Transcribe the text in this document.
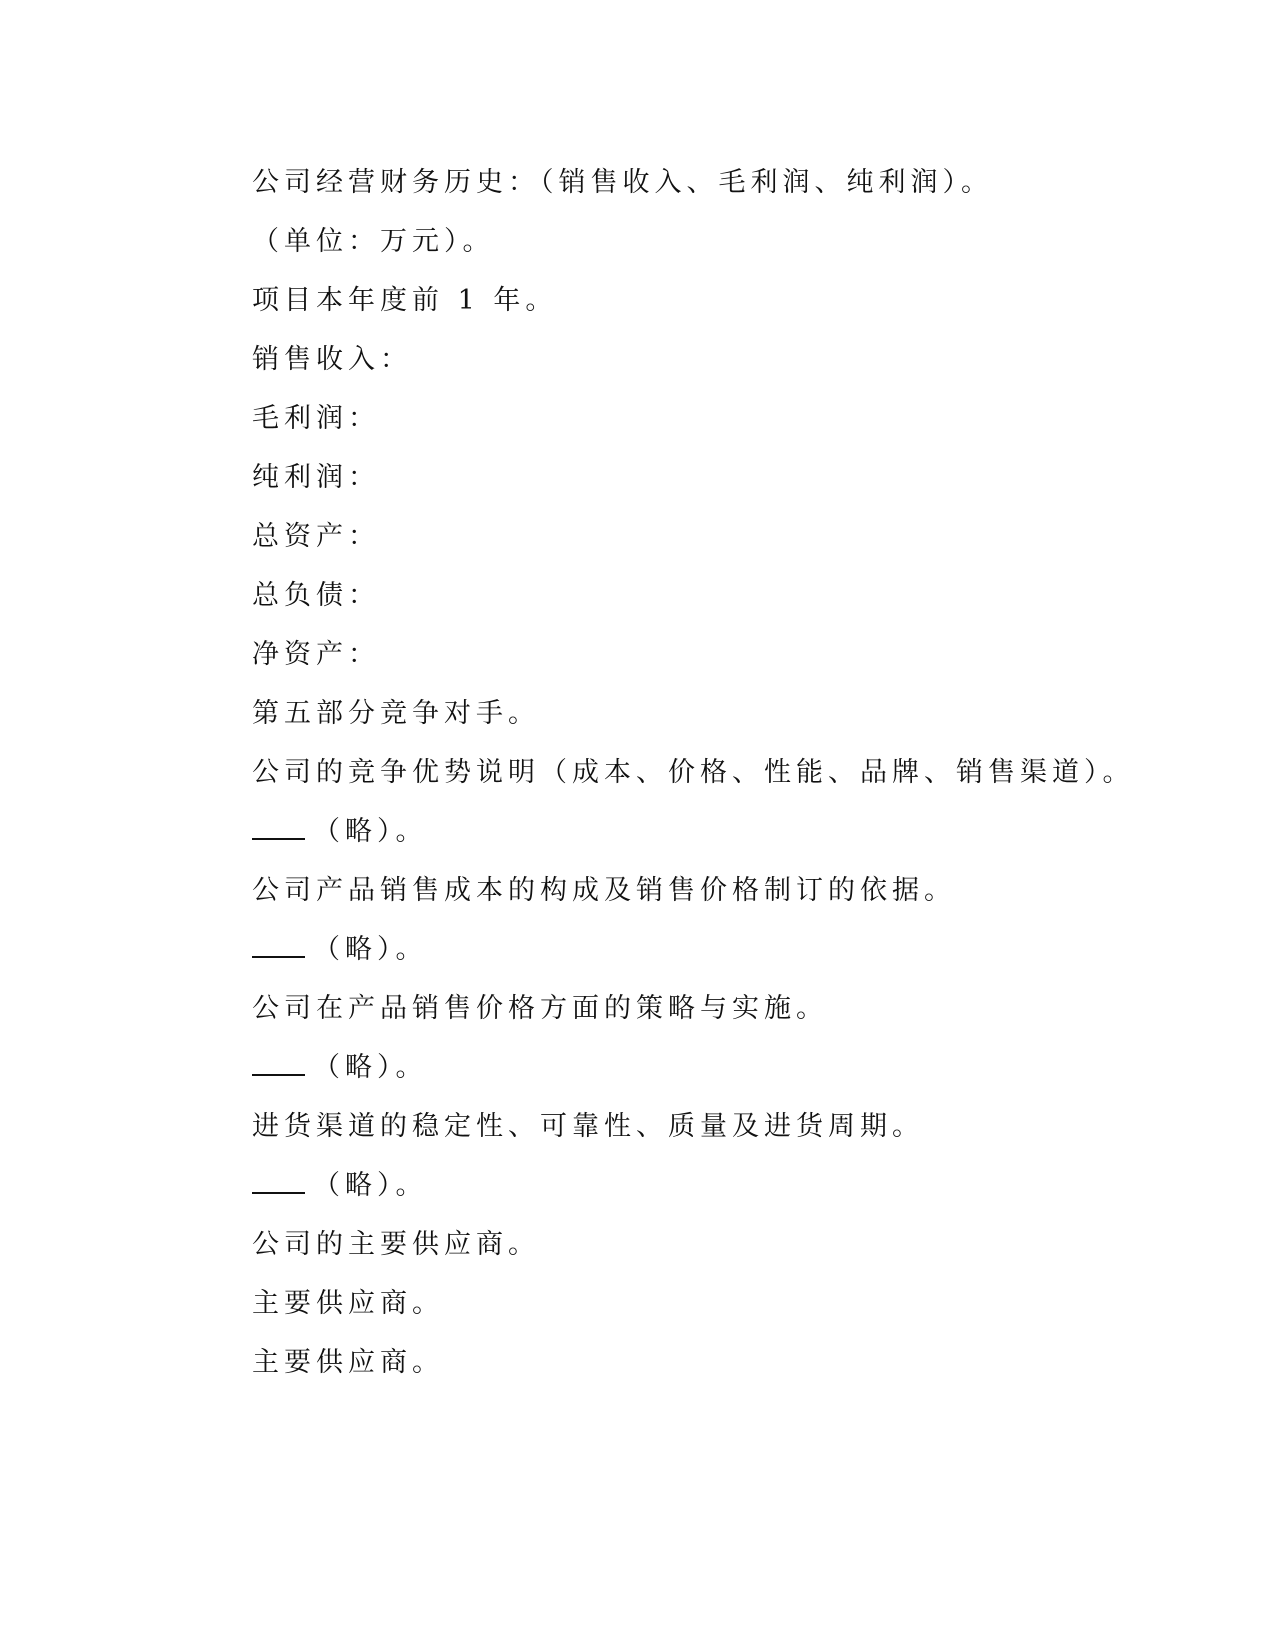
公司经营财务历史：（销售收入、毛利润、纯利润）。
（单位：万元）。
项目本年度前 1 年。
销售收入：
毛利润：
纯利润：
总资产：
总负债：
净资产：
第五部分竞争对手。
公司的竞争优势说明（成本、价格、性能、品牌、销售渠道）。
（略）。
公司产品销售成本的构成及销售价格制订的依据。
（略）。
公司在产品销售价格方面的策略与实施。
（略）。
进货渠道的稳定性、可靠性、质量及进货周期。
（略）。
公司的主要供应商。
主要供应商。
主要供应商。
